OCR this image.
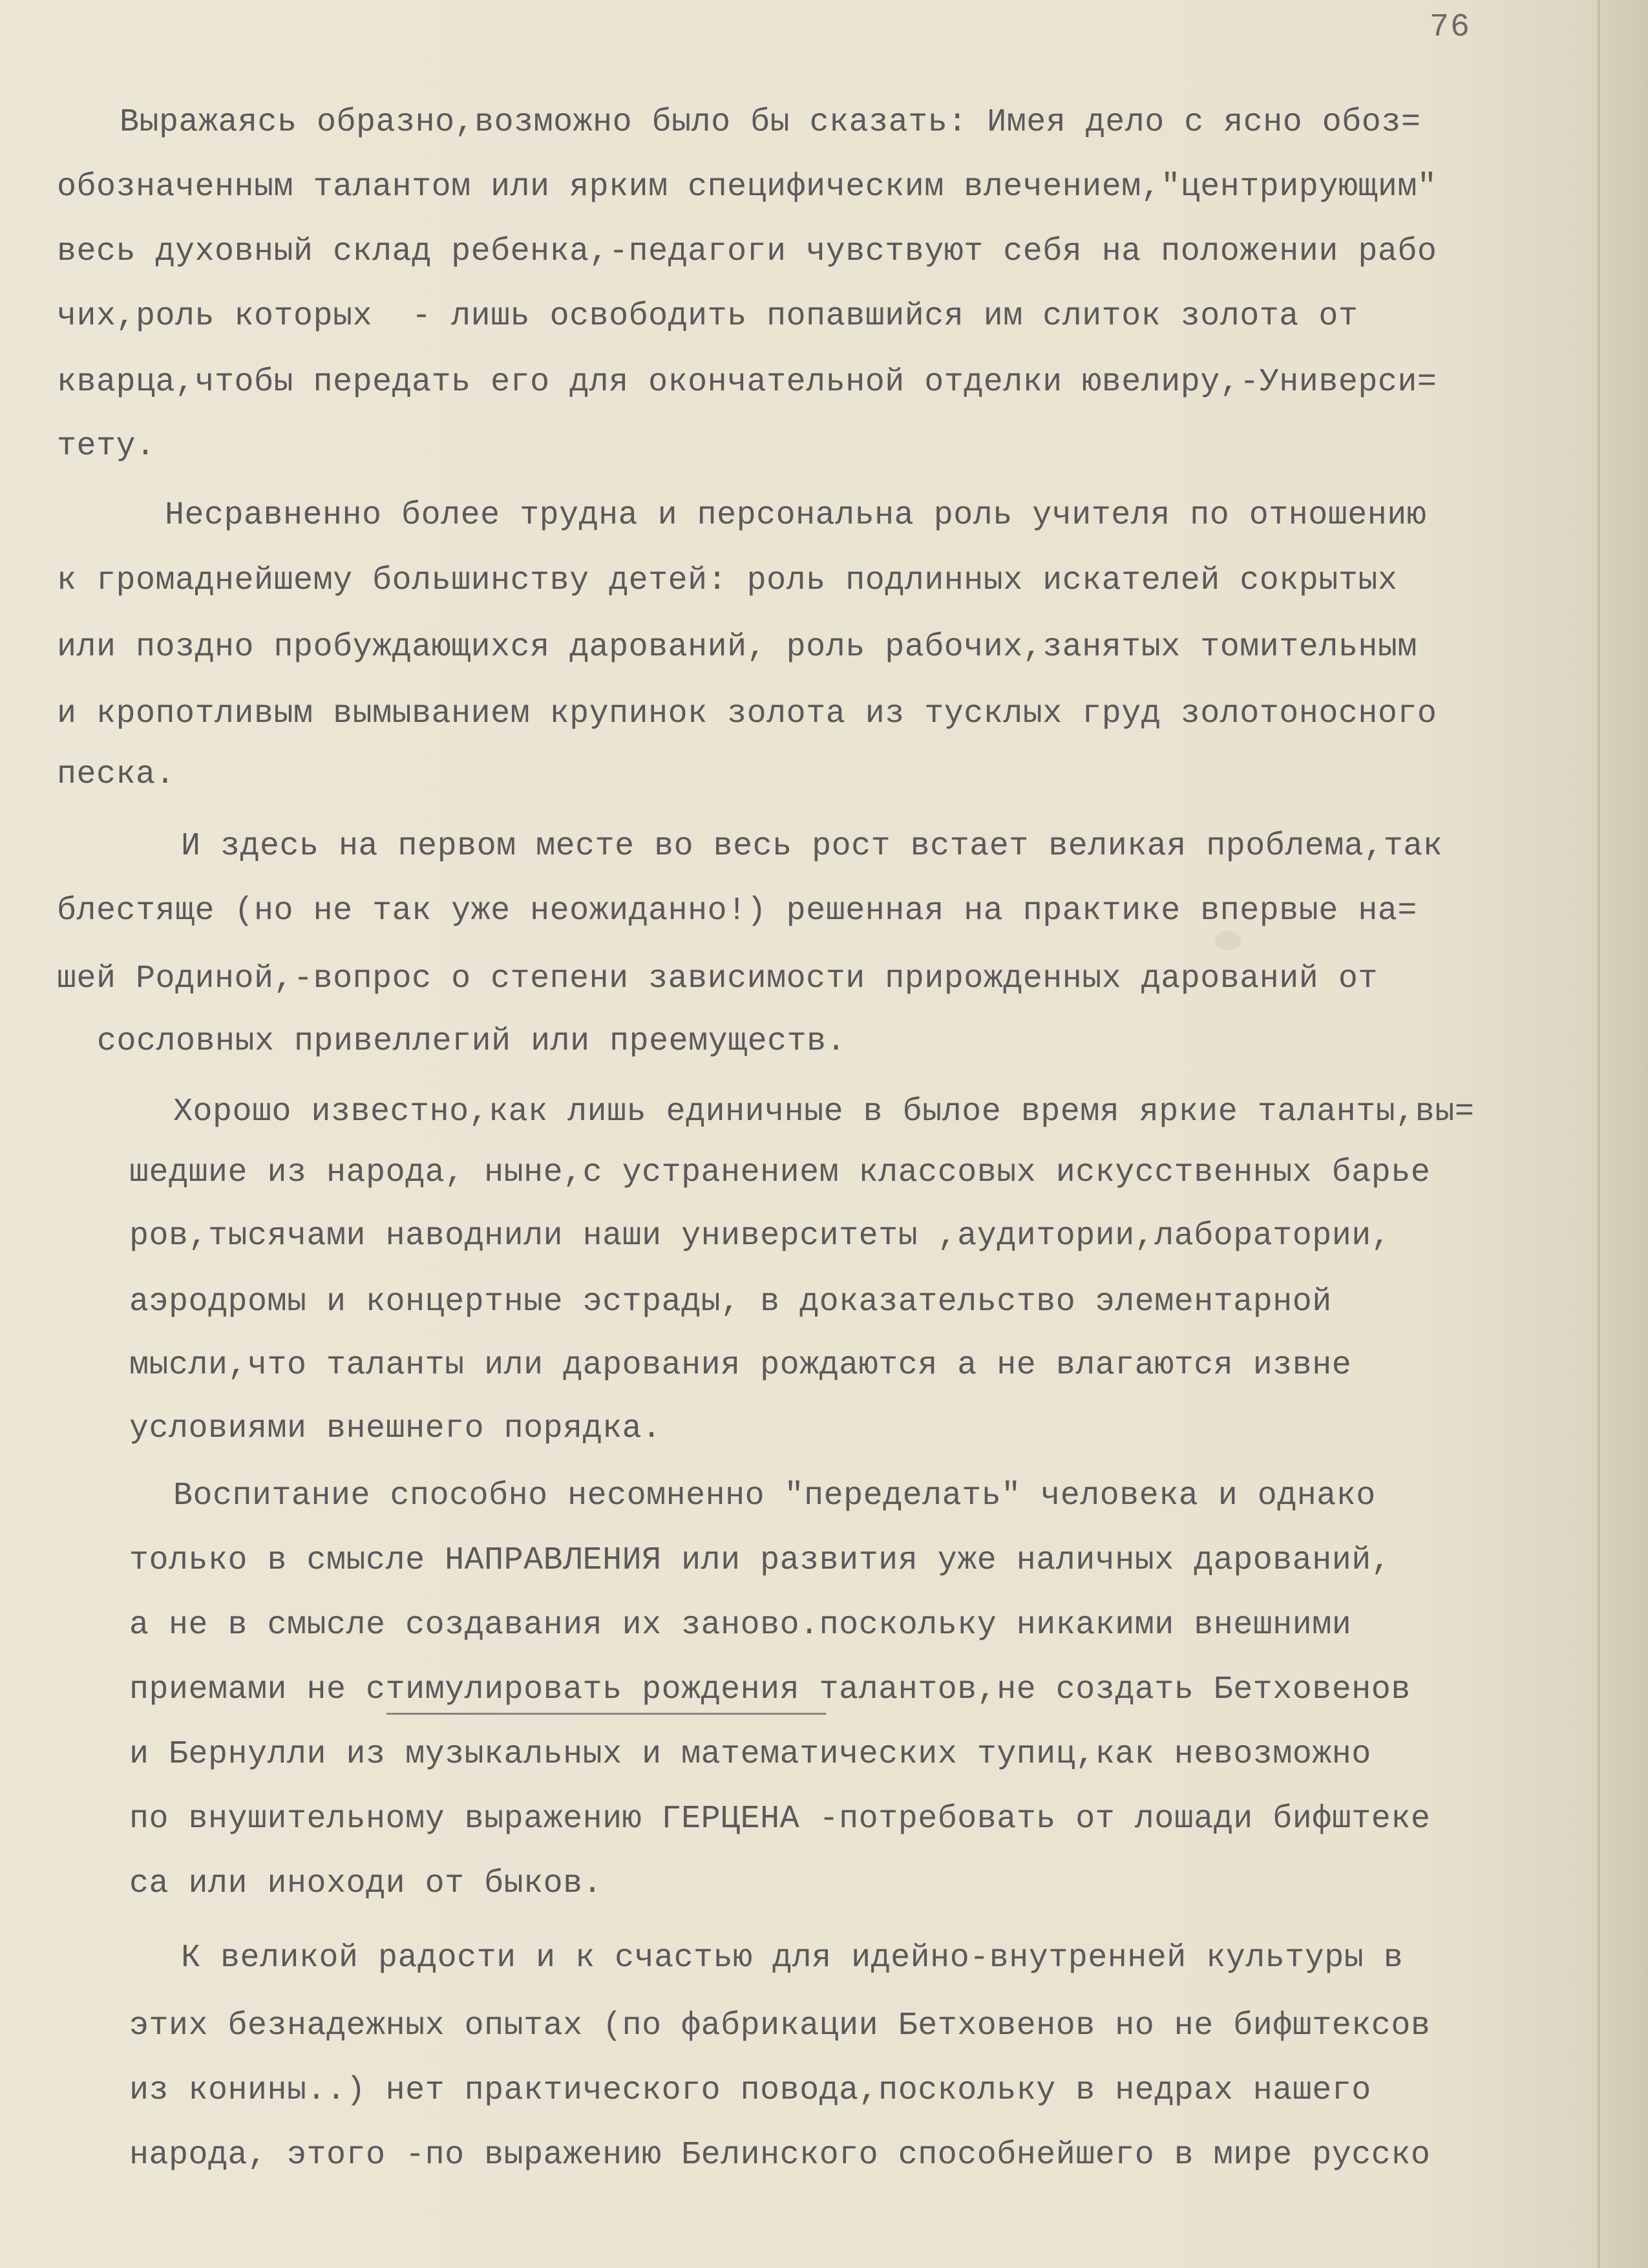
76
Выражаясь образно,возможно было бы сказать: Имея дело с ясно обоз=
обозначенным талантом или ярким специфическим влечением,"центрирующим"
весь духовный склад ребенка,-педагоги чувствуют себя на положении рабо
чих,роль которых  - лишь освободить попавшийся им слиток золота от
кварца,чтобы передать его для окончательной отделки ювелиру,-Универси=
тету.
Несравненно более трудна и персональна роль учителя по отношению
к громаднейшему большинству детей: роль подлинных искателей сокрытых
или поздно пробуждающихся дарований, роль рабочих,занятых томительным
и кропотливым вымыванием крупинок золота из тусклых груд золотоносного
песка.
И здесь на первом месте во весь рост встает великая проблема,так
блестяще (но не так уже неожиданно!) решенная на практике впервые на=
шей Родиной,-вопрос о степени зависимости прирожденных дарований от
сословных привеллегий или преемуществ.
Хорошо известно,как лишь единичные в былое время яркие таланты,вы=
шедшие из народа, ныне,с устранением классовых искусственных барье
ров,тысячами наводнили наши университеты ,аудитории,лаборатории,
аэродромы и концертные эстрады, в доказательство элементарной
мысли,что таланты или дарования рождаются а не влагаются извне
условиями внешнего порядка.
Воспитание способно несомненно "переделать" человека и однако
только в смысле НАПРАВЛЕНИЯ или развития уже наличных дарований,
а не в смысле создавания их заново.поскольку никакими внешними
приемами не стимулировать рождения талантов,не создать Бетховенов
и Бернулли из музыкальных и математических тупиц,как невозможно
по внушительному выражению ГЕРЦЕНА -потребовать от лошади бифштеке
са или иноходи от быков.
К великой радости и к счастью для идейно-внутренней культуры в
этих безнадежных опытах (по фабрикации Бетховенов но не бифштексов
из конины..) нет практического повода,поскольку в недрах нашего
народа, этого -по выражению Белинского способнейшего в мире русско
